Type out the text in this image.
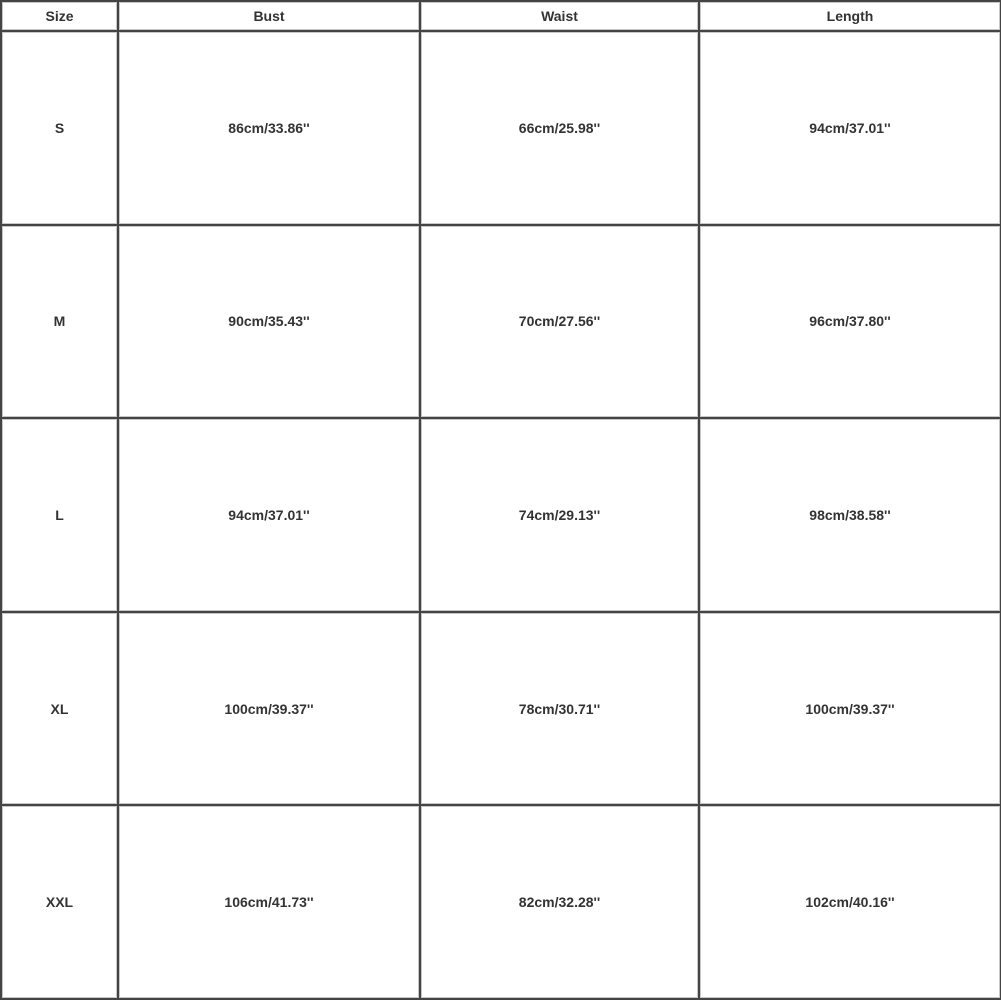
Size	Bust	Waist	Length
S	86cm/33.86''	66cm/25.98''	94cm/37.01''
M	90cm/35.43''	70cm/27.56''	96cm/37.80''
L	94cm/37.01''	74cm/29.13''	98cm/38.58''
XL	100cm/39.37''	78cm/30.71''	100cm/39.37''
XXL	106cm/41.73''	82cm/32.28''	102cm/40.16''
